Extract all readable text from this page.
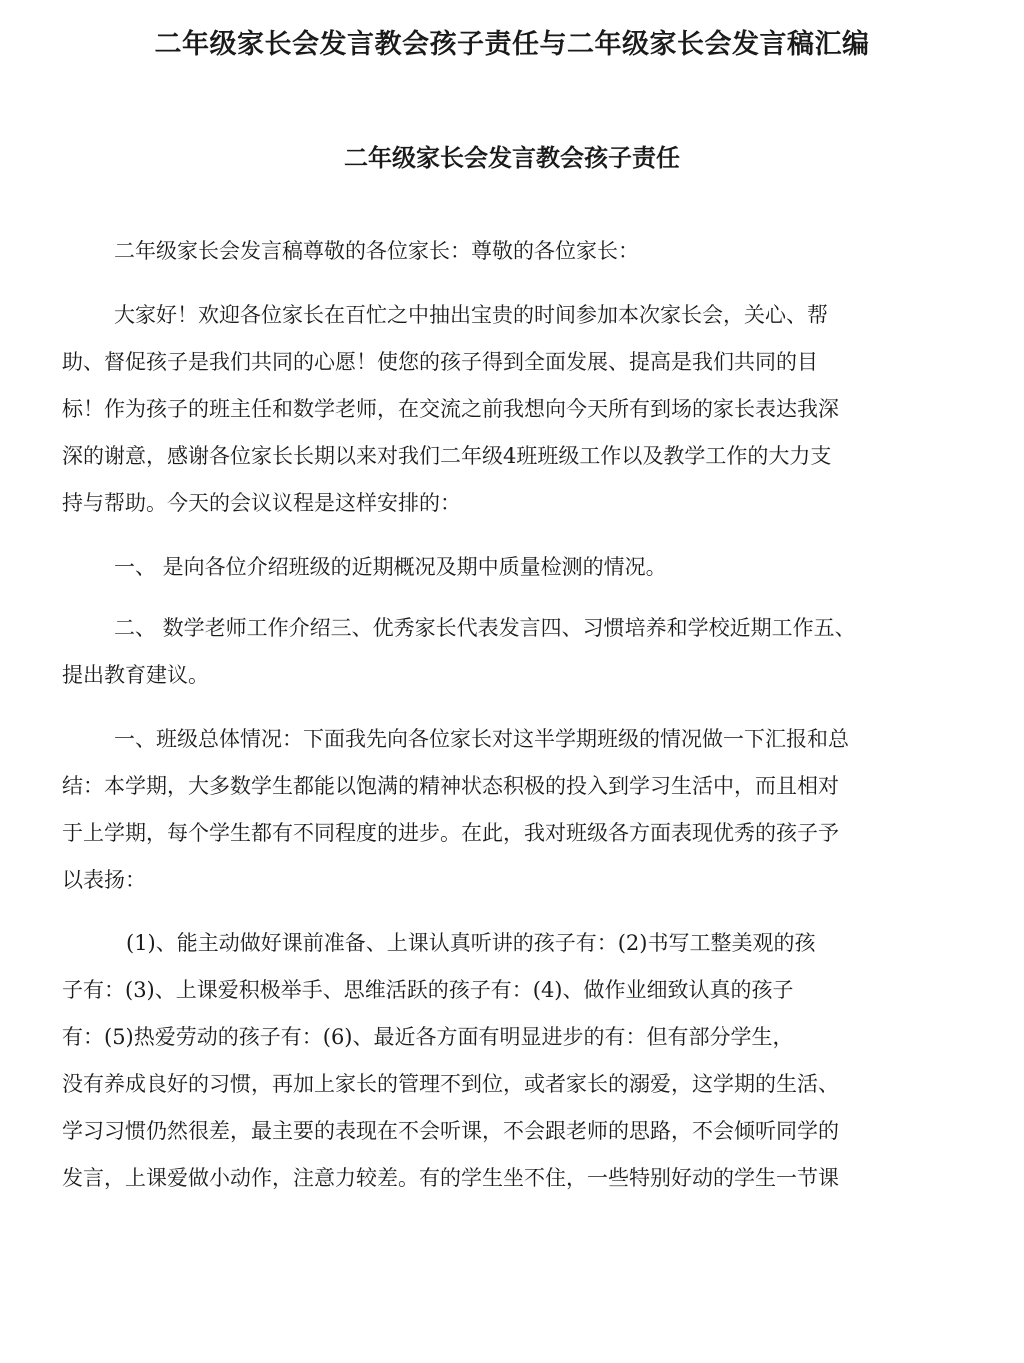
二年级家长会发言教会孩子责任与二年级家长会发言稿汇编
二年级家长会发言教会孩子责任

二年级家长会发言稿尊敬的各位家长：尊敬的各位家长：

大家好！欢迎各位家长在百忙之中抽出宝贵的时间参加本次家长会，关心、帮
助、督促孩子是我们共同的心愿！使您的孩子得到全面发展、提高是我们共同的目
标！作为孩子的班主任和数学老师，在交流之前我想向今天所有到场的家长表达我深
深的谢意，感谢各位家长长期以来对我们二年级4班班级工作以及教学工作的大力支
持与帮助。今天的会议议程是这样安排的：

一、 是向各位介绍班级的近期概况及期中质量检测的情况。

二、 数学老师工作介绍三、优秀家长代表发言四、习惯培养和学校近期工作五、
提出教育建议。

一、班级总体情况：下面我先向各位家长对这半学期班级的情况做一下汇报和总
结：本学期，大多数学生都能以饱满的精神状态积极的投入到学习生活中，而且相对
于上学期，每个学生都有不同程度的进步。在此，我对班级各方面表现优秀的孩子予
以表扬：

(1)、能主动做好课前准备、上课认真听讲的孩子有：(2)书写工整美观的孩
子有：(3)、上课爱积极举手、思维活跃的孩子有：(4)、做作业细致认真的孩子
有：(5)热爱劳动的孩子有：(6)、最近各方面有明显进步的有：但有部分学生，
没有养成良好的习惯，再加上家长的管理不到位，或者家长的溺爱，这学期的生活、
学习习惯仍然很差，最主要的表现在不会听课，不会跟老师的思路，不会倾听同学的
发言，上课爱做小动作，注意力较差。有的学生坐不住，一些特别好动的学生一节课
